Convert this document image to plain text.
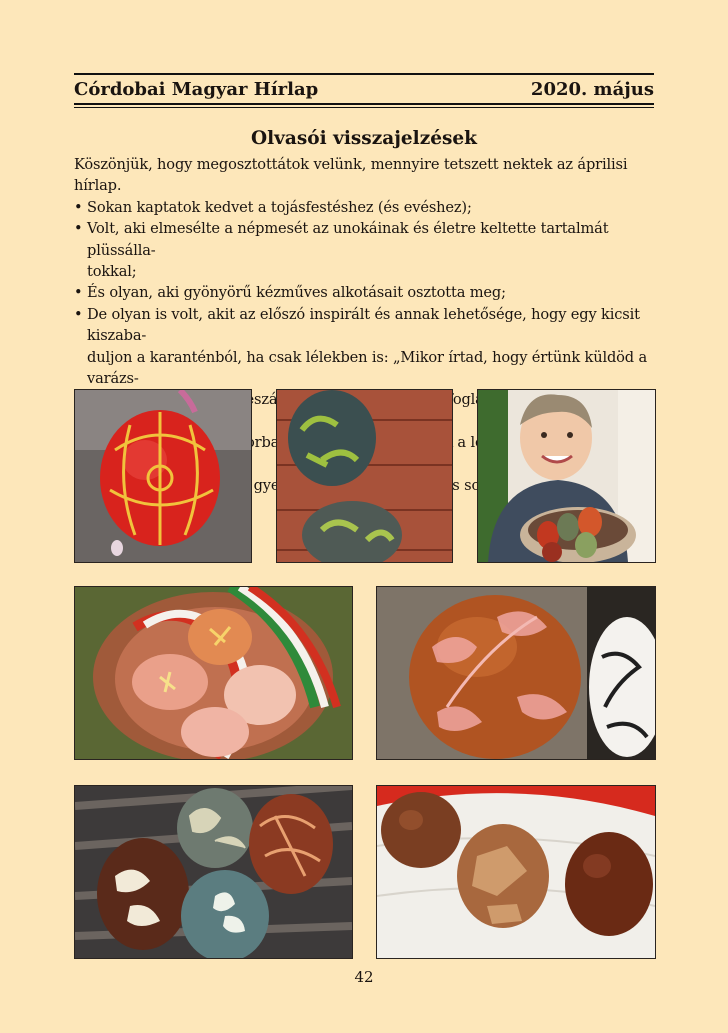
Córdobai Magyar Hírlap	2020. május
Olvasói visszajelzések

Köszönjük, hogy megosztottátok velünk, mennyire tetszett nektek az áprilisi hírlap.

• Sokan kaptatok kedvet a tojásfestéshez (és evéshez);
• Volt, aki elmesélte a népmesét az unokáinak és életre keltette tartalmát plüssálla-
tokkal;
• És olyan, aki gyönyörű kézműves alkotásait osztotta meg;
• De olyan is volt, akit az előszó inspirált és annak lehetősége, hogy egy kicsit kiszaba-
duljon a karanténból, ha csak lélekben is: „Mikor írtad, hogy értünk küldöd a varázs-
beszálltam
• sorban a
sok
42
